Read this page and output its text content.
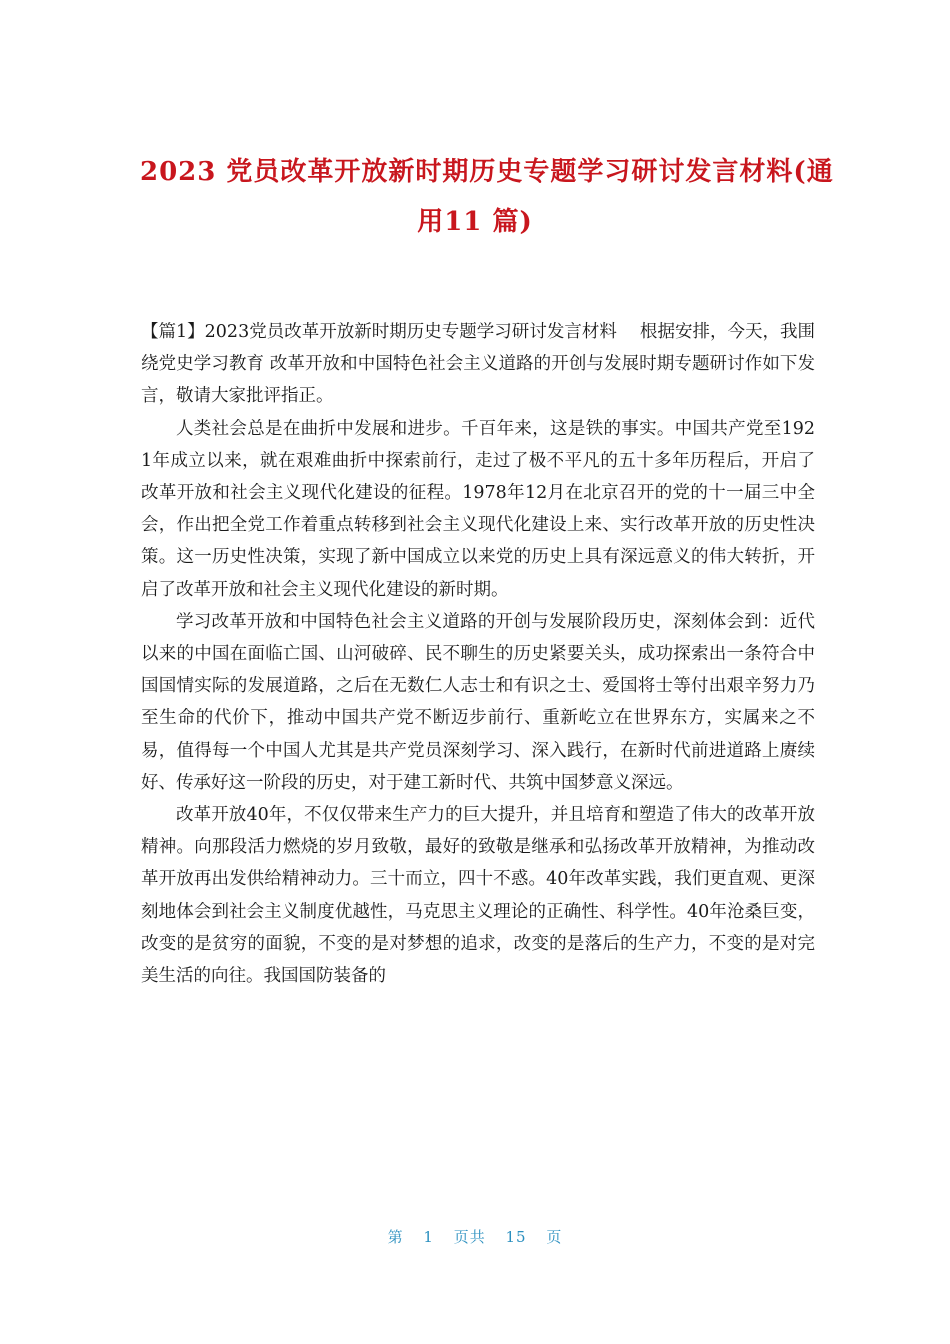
2023 党员改革开放新时期历史专题学习研讨发言材料(通
用11 篇)

【篇1】2023党员改革开放新时期历史专题学习研讨发言材料　 根据安排，今天，我围绕党史学习教育 改革开放和中国特色社会主义道路的开创与发展时期专题研讨作如下发言，敬请大家批评指正。

人类社会总是在曲折中发展和进步。千百年来，这是铁的事实。中国共产党至1921年成立以来，就在艰难曲折中探索前行，走过了极不平凡的五十多年历程后，开启了改革开放和社会主义现代化建设的征程。1978年12月在北京召开的党的十一届三中全会，作出把全党工作着重点转移到社会主义现代化建设上来、实行改革开放的历史性决策。这一历史性决策，实现了新中国成立以来党的历史上具有深远意义的伟大转折，开启了改革开放和社会主义现代化建设的新时期。

学习改革开放和中国特色社会主义道路的开创与发展阶段历史，深刻体会到：近代以来的中国在面临亡国、山河破碎、民不聊生的历史紧要关头，成功探索出一条符合中国国情实际的发展道路，之后在无数仁人志士和有识之士、爱国将士等付出艰辛努力乃至生命的代价下，推动中国共产党不断迈步前行、重新屹立在世界东方，实属来之不易，值得每一个中国人尤其是共产党员深刻学习、深入践行，在新时代前进道路上赓续好、传承好这一阶段的历史，对于建工新时代、共筑中国梦意义深远。

改革开放40年，不仅仅带来生产力的巨大提升，并且培育和塑造了伟大的改革开放精神。向那段活力燃烧的岁月致敬，最好的致敬是继承和弘扬改革开放精神，为推动改革开放再出发供给精神动力。三十而立，四十不惑。40年改革实践，我们更直观、更深刻地体会到社会主义制度优越性，马克思主义理论的正确性、科学性。40年沧桑巨变，改变的是贫穷的面貌，不变的是对梦想的追求，改变的是落后的生产力，不变的是对完美生活的向往。我国国防装备的

第 1 页共 15 页
